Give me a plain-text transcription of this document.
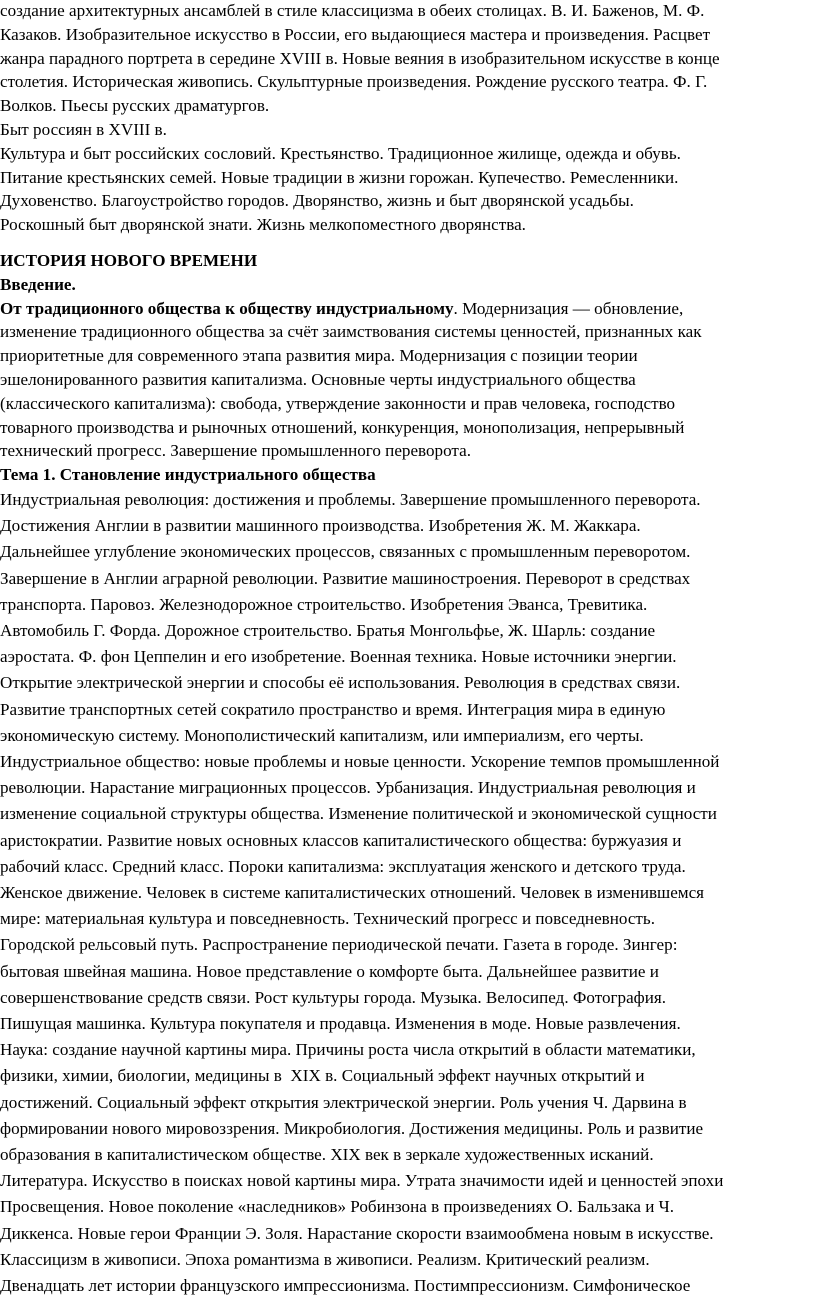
создание архитектурных ансамблей в стиле классицизма в обеих столицах. В. И. Баженов, М. Ф.
Казаков. Изобразительное искусство в России, его выдающиеся мастера и произведения. Расцвет
жанра парадного портрета в середине XVIII в. Новые веяния в изобразительном искусстве в конце
столетия. Историческая живопись. Скульптурные произведения. Рождение русского театра. Ф. Г.
Волков. Пьесы русских драматургов.
Быт россиян в XVIII в.
Культура и быт российских сословий. Крестьянство. Традиционное жилище, одежда и обувь.
Питание крестьянских семей. Новые традиции в жизни горожан. Купечество. Ремесленники.
Духовенство. Благоустройство городов. Дворянство, жизнь и быт дворянской усадьбы.
Роскошный быт дворянской знати. Жизнь мелкопоместного дворянства.
ИСТОРИЯ НОВОГО ВРЕМЕНИ
Введение.
От традиционного общества к обществу индустриальному. Модернизация — обновление,
изменение традиционного общества за счёт заимствования системы ценностей, признанных как
приоритетные для современного этапа развития мира. Модернизация с позиции теории
эшелонированного развития капитализма. Основные черты индустриального общества
(классического капитализма): свобода, утверждение законности и прав человека, господство
товарного производства и рыночных отношений, конкуренция, монополизация, непрерывный
технический прогресс. Завершение промышленного переворота.
Тема 1. Становление индустриального общества
Индустриальная революция: достижения и проблемы. Завершение промышленного переворота.
Достижения Англии в развитии машинного производства. Изобретения Ж. М. Жаккара.
Дальнейшее углубление экономических процессов, связанных с промышленным переворотом.
Завершение в Англии аграрной революции. Развитие машиностроения. Переворот в средствах
транспорта. Паровоз. Железнодорожное строительство. Изобретения Эванса, Тревитика.
Автомобиль Г. Форда. Дорожное строительство. Братья Монгольфье, Ж. Шарль: создание
аэростата. Ф. фон Цеппелин и его изобретение. Военная техника. Новые источники энергии.
Открытие электрической энергии и способы её использования. Революция в средствах связи.
Развитие транспортных сетей сократило пространство и время. Интеграция мира в единую
экономическую систему. Монополистический капитализм, или империализм, его черты.
Индустриальное общество: новые проблемы и новые ценности. Ускорение темпов промышленной
революции. Нарастание миграционных процессов. Урбанизация. Индустриальная революция и
изменение социальной структуры общества. Изменение политической и экономической сущности
аристократии. Развитие новых основных классов капиталистического общества: буржуазия и
рабочий класс. Средний класс. Пороки капитализма: эксплуатация женского и детского труда.
Женское движение. Человек в системе капиталистических отношений. Человек в изменившемся
мире: материальная культура и повседневность. Технический прогресс и повседневность.
Городской рельсовый путь. Распространение периодической печати. Газета в городе. Зингер:
бытовая швейная машина. Новое представление о комфорте быта. Дальнейшее развитие и
совершенствование средств связи. Рост культуры города. Музыка. Велосипед. Фотография.
Пишущая машинка. Культура покупателя и продавца. Изменения в моде. Новые развлечения.
Наука: создание научной картины мира. Причины роста числа открытий в области математики,
физики, химии, биологии, медицины в  XIX в. Социальный эффект научных открытий и
достижений. Социальный эффект открытия электрической энергии. Роль учения Ч. Дарвина в
формировании нового мировоззрения. Микробиология. Достижения медицины. Роль и развитие
образования в капиталистическом обществе. XIX век в зеркале художественных исканий.
Литература. Искусство в поисках новой картины мира. Утрата значимости идей и ценностей эпохи
Просвещения. Новое поколение «наследников» Робинзона в произведениях О. Бальзака и Ч.
Диккенса. Новые герои Франции Э. Золя. Нарастание скорости взаимообмена новым в искусстве.
Классицизм в живописи. Эпоха романтизма в живописи. Реализм. Критический реализм.
Двенадцать лет истории французского импрессионизма. Постимпрессионизм. Симфоническое
